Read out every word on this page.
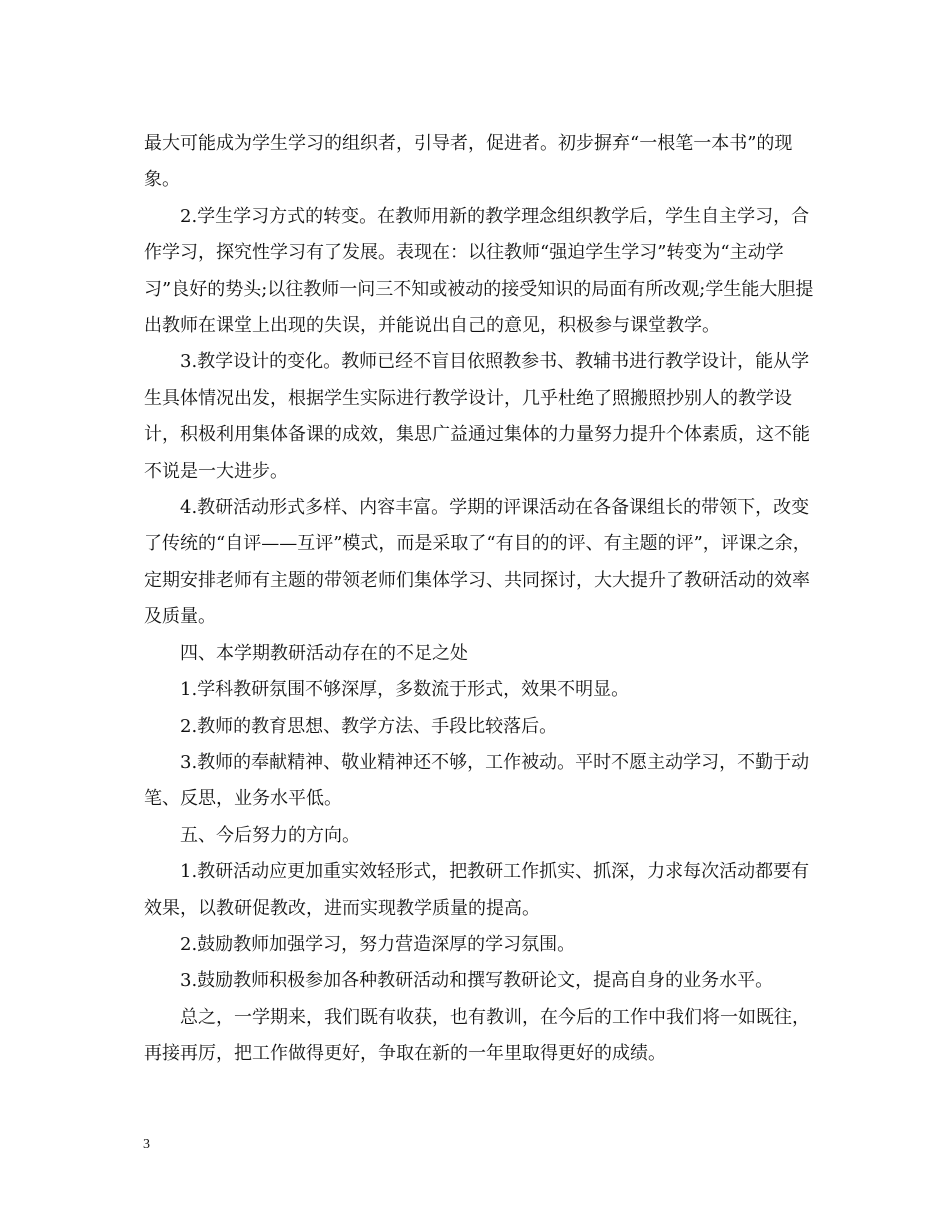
最大可能成为学生学习的组织者，引导者，促进者。初步摒弃“一根笔一本书”的现象。

2.学生学习方式的转变。在教师用新的教学理念组织教学后，学生自主学习，合作学习，探究性学习有了发展。表现在：以往教师“强迫学生学习”转变为“主动学习”良好的势头;以往教师一问三不知或被动的接受知识的局面有所改观;学生能大胆提出教师在课堂上出现的失误，并能说出自己的意见，积极参与课堂教学。

3.教学设计的变化。教师已经不盲目依照教参书、教辅书进行教学设计，能从学生具体情况出发，根据学生实际进行教学设计，几乎杜绝了照搬照抄别人的教学设计，积极利用集体备课的成效，集思广益通过集体的力量努力提升个体素质，这不能不说是一大进步。

4.教研活动形式多样、内容丰富。学期的评课活动在各备课组长的带领下，改变了传统的“自评——互评”模式，而是采取了“有目的的评、有主题的评”，评课之余，定期安排老师有主题的带领老师们集体学习、共同探讨，大大提升了教研活动的效率及质量。

四、本学期教研活动存在的不足之处

1.学科教研氛围不够深厚，多数流于形式，效果不明显。

2.教师的教育思想、教学方法、手段比较落后。

3.教师的奉献精神、敬业精神还不够，工作被动。平时不愿主动学习，不勤于动笔、反思，业务水平低。

五、今后努力的方向。

1.教研活动应更加重实效轻形式，把教研工作抓实、抓深，力求每次活动都要有效果，以教研促教改，进而实现教学质量的提高。

2.鼓励教师加强学习，努力营造深厚的学习氛围。

3.鼓励教师积极参加各种教研活动和撰写教研论文，提高自身的业务水平。

总之，一学期来，我们既有收获，也有教训，在今后的工作中我们将一如既往，再接再厉，把工作做得更好，争取在新的一年里取得更好的成绩。

3
